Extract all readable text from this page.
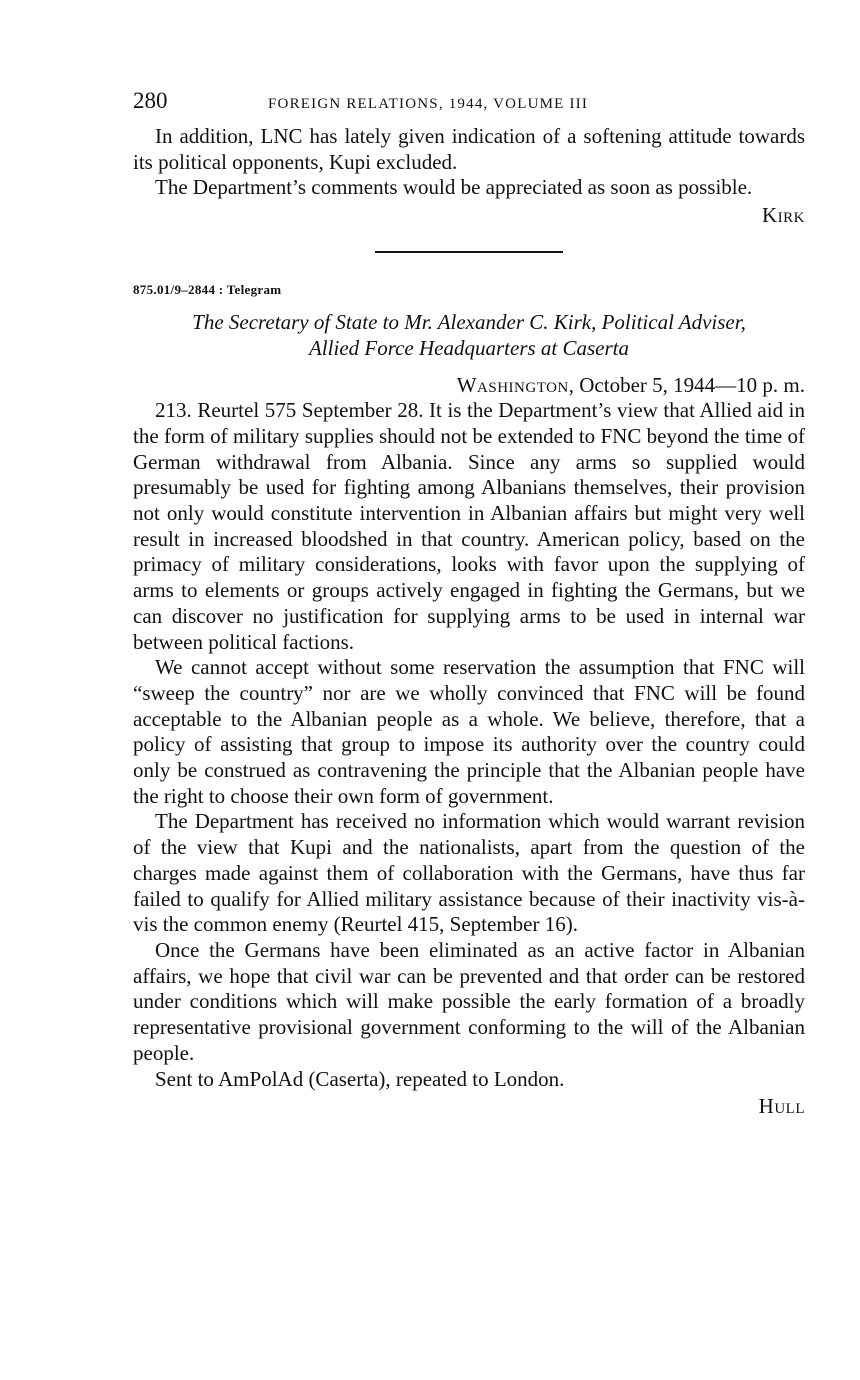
280	FOREIGN RELATIONS, 1944, VOLUME III

In addition, LNC has lately given indication of a softening attitude towards its political opponents, Kupi excluded.

The Department’s comments would be appreciated as soon as possible.

Kirk
875.01/9–2844 : Telegram
The Secretary of State to Mr. Alexander C. Kirk, Political Adviser,
Allied Force Headquarters at Caserta
Washington, October 5, 1944—10 p. m.

213. Reurtel 575 September 28. It is the Department’s view that Allied aid in the form of military supplies should not be extended to FNC beyond the time of German withdrawal from Albania. Since any arms so supplied would presumably be used for fighting among Albanians themselves, their provision not only would constitute intervention in Albanian affairs but might very well result in increased bloodshed in that country. American policy, based on the primacy of military considerations, looks with favor upon the supplying of arms to elements or groups actively engaged in fighting the Germans, but we can discover no justification for supplying arms to be used in internal war between political factions.

We cannot accept without some reservation the assumption that FNC will “sweep the country” nor are we wholly convinced that FNC will be found acceptable to the Albanian people as a whole. We believe, therefore, that a policy of assisting that group to impose its authority over the country could only be construed as contravening the principle that the Albanian people have the right to choose their own form of government.

The Department has received no information which would warrant revision of the view that Kupi and the nationalists, apart from the question of the charges made against them of collaboration with the Germans, have thus far failed to qualify for Allied military assistance because of their inactivity vis-à-vis the common enemy (Reurtel 415, September 16).

Once the Germans have been eliminated as an active factor in Albanian affairs, we hope that civil war can be prevented and that order can be restored under conditions which will make possible the early formation of a broadly representative provisional government conforming to the will of the Albanian people.

Sent to AmPolAd (Caserta), repeated to London.

Hull
